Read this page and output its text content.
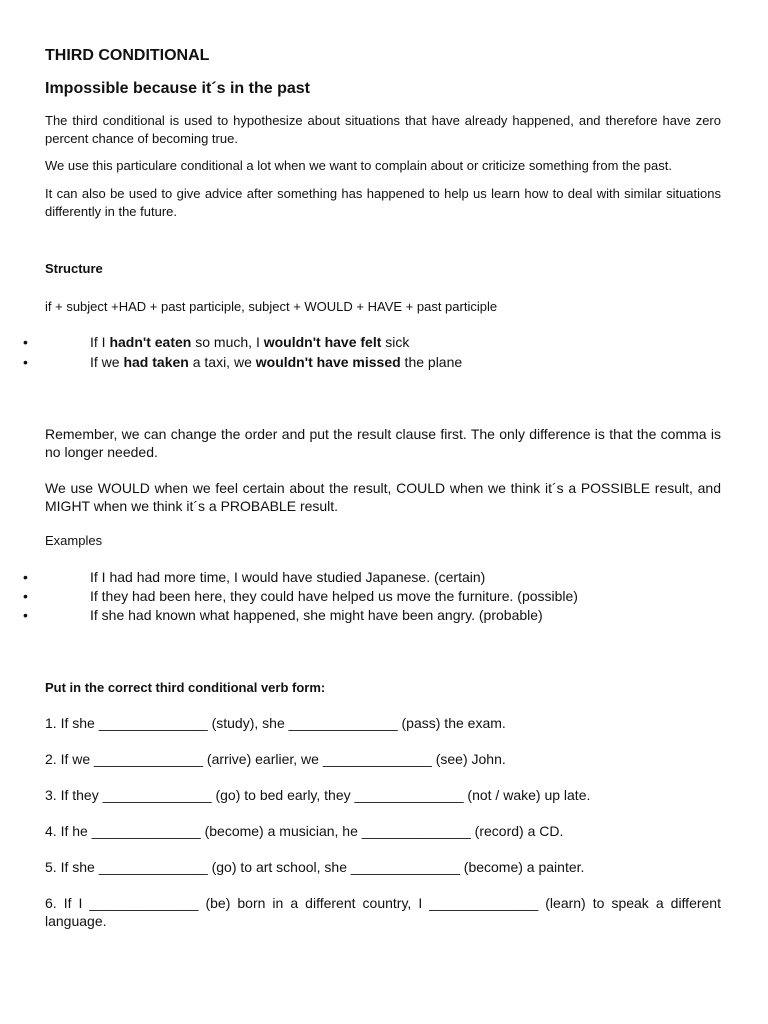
THIRD CONDITIONAL
Impossible because it´s in the past
The third conditional is used to hypothesize about situations that have already happened, and therefore have zero percent chance of becoming true.
We use this particulare conditional a lot when we want to complain about or criticize something from the past.
It can also be used to give advice after something has happened to help us learn how to deal with similar situations differently in the future.
Structure
if + subject +HAD + past participle, subject + WOULD + HAVE + past participle
•	If I hadn't eaten so much, I wouldn't have felt sick
•	If we had taken a taxi, we wouldn't have missed the plane
Remember, we can change the order and put the result clause first. The only difference is that the comma is no longer needed.
We use WOULD when we feel certain about the result, COULD when we think it´s a POSSIBLE result, and MIGHT when we think it´s a PROBABLE result.
Examples
•	If I had had more time, I would have studied Japanese. (certain)
•	If they had been here, they could have helped us move the furniture. (possible)
•	If she had known what happened, she might have been angry. (probable)
Put in the correct third conditional verb form:
1. If she ______________ (study), she ______________ (pass) the exam.
2. If we ______________ (arrive) earlier, we ______________ (see) John.
3. If they ______________ (go) to bed early, they ______________ (not / wake) up late.
4. If he ______________ (become) a musician, he ______________ (record) a CD.
5. If she ______________ (go) to art school, she ______________ (become) a painter.
6. If I ______________ (be) born in a different country, I ______________ (learn) to speak a different language.
